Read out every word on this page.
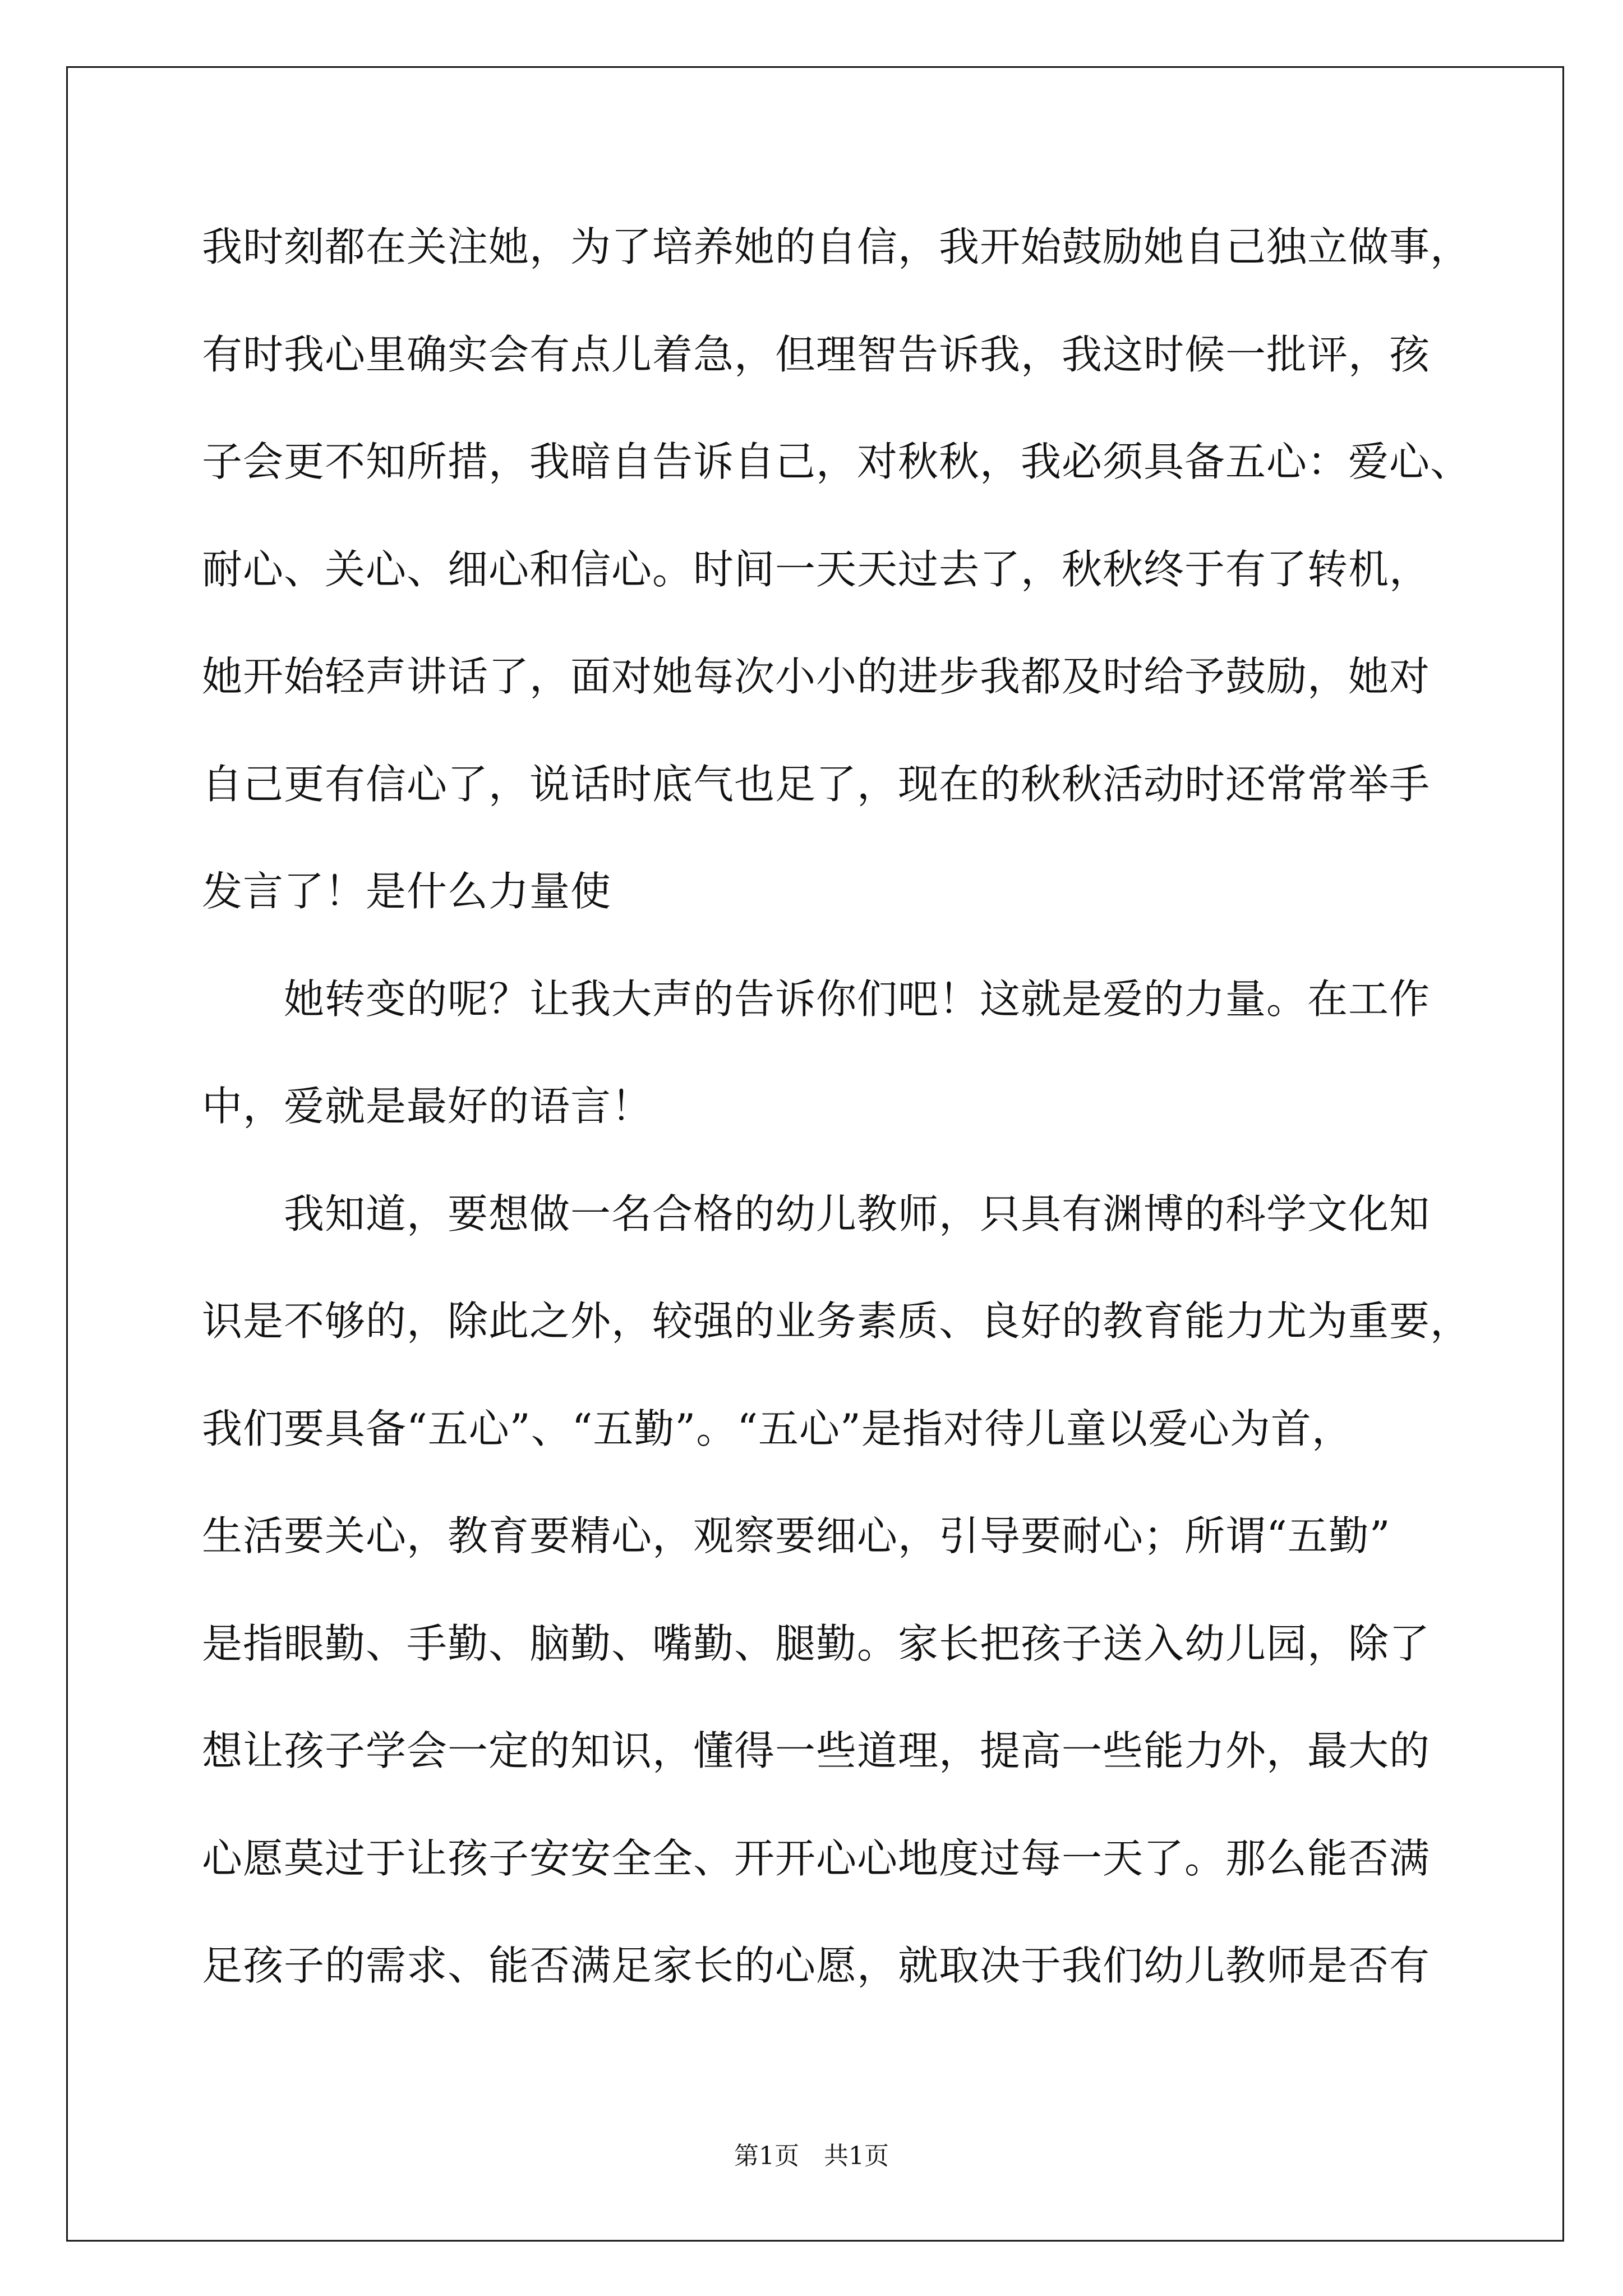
我时刻都在关注她，为了培养她的自信，我开始鼓励她自己独立做事，
有时我心里确实会有点儿着急，但理智告诉我，我这时候一批评，孩
子会更不知所措，我暗自告诉自己，对秋秋，我必须具备五心：爱心、
耐心、关心、细心和信心。时间一天天过去了，秋秋终于有了转机，
她开始轻声讲话了，面对她每次小小的进步我都及时给予鼓励，她对
自己更有信心了，说话时底气也足了，现在的秋秋活动时还常常举手
发言了！是什么力量使
她转变的呢？让我大声的告诉你们吧！这就是爱的力量。在工作
中，爱就是最好的语言！
我知道，要想做一名合格的幼儿教师，只具有渊博的科学文化知
识是不够的，除此之外，较强的业务素质、良好的教育能力尤为重要，
我们要具备“五心”、“五勤”。“五心”是指对待儿童以爱心为首，
生活要关心，教育要精心，观察要细心，引导要耐心；所谓“五勤”
是指眼勤、手勤、脑勤、嘴勤、腿勤。家长把孩子送入幼儿园，除了
想让孩子学会一定的知识，懂得一些道理，提高一些能力外，最大的
心愿莫过于让孩子安安全全、开开心心地度过每一天了。那么能否满
足孩子的需求、能否满足家长的心愿，就取决于我们幼儿教师是否有
第1页 共1页
